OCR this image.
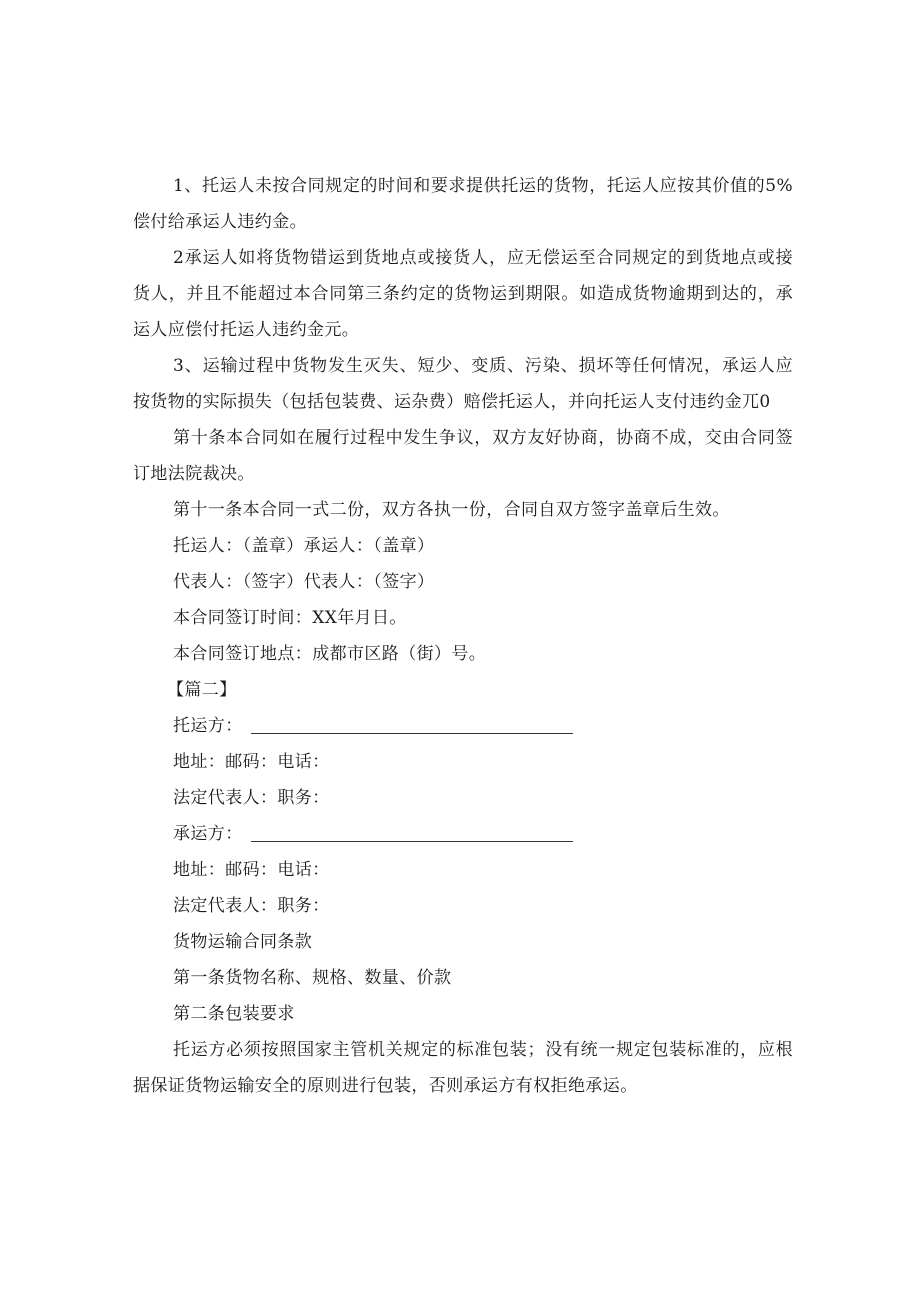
1、托运人未按合同规定的时间和要求提供托运的货物，托运人应按其价值的5%偿付给承运人违约金。

2承运人如将货物错运到货地点或接货人，应无偿运至合同规定的到货地点或接货人，并且不能超过本合同第三条约定的货物运到期限。如造成货物逾期到达的，承运人应偿付托运人违约金元。

3、运输过程中货物发生灭失、短少、变质、污染、损坏等任何情况，承运人应按货物的实际损失（包括包装费、运杂费）赔偿托运人，并向托运人支付违约金兀0

第十条本合同如在履行过程中发生争议，双方友好协商，协商不成，交由合同签订地法院裁决。

第十一条本合同一式二份，双方各执一份，合同自双方签字盖章后生效。

托运人：（盖章）承运人：（盖章）

代表人：（签字）代表人：（签字）

本合同签订时间：XX年月日。

本合同签订地点：成都市区路（街）号。

【篇二】

托运方：

地址：邮码：电话：

法定代表人：职务：

承运方：

地址：邮码：电话：

法定代表人：职务：

货物运输合同条款

第一条货物名称、规格、数量、价款

第二条包装要求

托运方必须按照国家主管机关规定的标准包装；没有统一规定包装标准的，应根据保证货物运输安全的原则进行包装，否则承运方有权拒绝承运。
